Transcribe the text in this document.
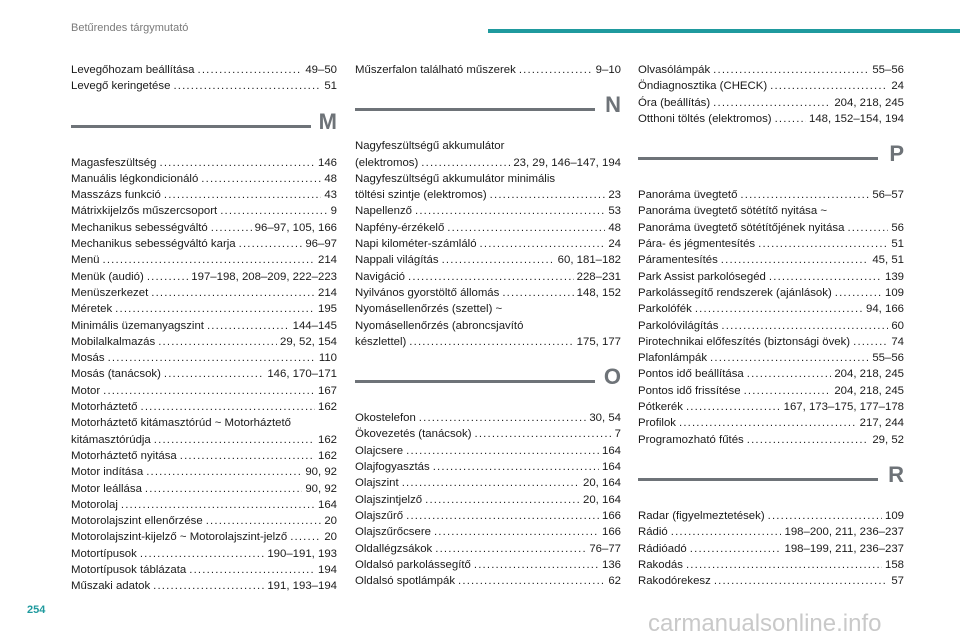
Betűrendes tárgymutató
Levegőhozam beállítása . . .	49–50
Levegő keringetése . . .	51
M
Magasfeszültség . . .	146
Manuális légkondicionáló . . .	48
Masszázs funkció . . .	43
Mátrixkijelzős műszercsoport . . .	9
Mechanikus sebességváltó . . .	96–97, 105, 166
Mechanikus sebességváltó karja . . .	96–97
Menü . . .	214
Menük (audió) . . .	197–198, 208–209, 222–223
Menüszerkezet . . .	214
Méretek . . .	195
Minimális üzemanyagszint . . .	144–145
Mobilalkalmazás . . .	29, 52, 154
Mosás . . .	110
Mosás (tanácsok) . . .	146, 170–171
Motor . . .	167
Motorháztető . . .	162
Motorháztető kitámasztórúd ~ Motorháztető
kitámasztórúdja . . .	162
Motorháztető nyitása . . .	162
Motor indítása . . .	90, 92
Motor leállása . . .	90, 92
Motorolaj . . .	164
Motorolajszint ellenőrzése . . .	20
Motorolajszint-kijelző ~ Motorolajszint-jelző . . .	20
Motortípusok . . .	190–191, 193
Motortípusok táblázata . . .	194
Műszaki adatok . . .	191, 193–194
Műszerfalon található műszerek . . .	9–10
N
Nagyfeszültségű akkumulátor
(elektromos) . . .	23, 29, 146–147, 194
Nagyfeszültségű akkumulátor minimális
töltési szintje (elektromos) . . .	23
Napellenző . . .	53
Napfény-érzékelő . . .	48
Napi kilométer-számláló . . .	24
Nappali világítás . . .	60, 181–182
Navigáció . . .	228–231
Nyilvános gyorstöltő állomás . . .	148, 152
Nyomásellenőrzés (szettel) ~
Nyomásellenőrzés (abroncsjavító
készlettel) . . .	175, 177
O
Okostelefon . . .	30, 54
Ökovezetés (tanácsok) . . .	7
Olajcsere . . .	164
Olajfogyasztás . . .	164
Olajszint . . .	20, 164
Olajszintjelző . . .	20, 164
Olajszűrő . . .	166
Olajszűrőcsere . . .	166
Oldallégzsákok . . .	76–77
Oldalsó parkolássegítő . . .	136
Oldalsó spotlámpák . . .	62
Olvasólámpák . . .	55–56
Öndiagnosztika (CHECK) . . .	24
Óra (beállítás) . . .	204, 218, 245
Otthoni töltés (elektromos) . . .	148, 152–154, 194
P
Panoráma üvegtető . . .	56–57
Panoráma üvegtető sötétítő nyitása ~
Panoráma üvegtető sötétítőjének nyitása . . .	56
Pára- és jégmentesítés . . .	51
Páramentesítés . . .	45, 51
Park Assist parkolósegéd . . .	139
Parkolássegítő rendszerek (ajánlások) . . .	109
Parkolófék . . .	94, 166
Parkolóvilágítás . . .	60
Pirotechnikai előfeszítés (biztonsági övek) . . .	74
Plafonlámpák . . .	55–56
Pontos idő beállítása . . .	204, 218, 245
Pontos idő frissítése . . .	204, 218, 245
Pótkerék . . .	167, 173–175, 177–178
Profilok . . .	217, 244
Programozható fűtés . . .	29, 52
R
Radar (figyelmeztetések) . . .	109
Rádió . . .	198–200, 211, 236–237
Rádióadó . . .	198–199, 211, 236–237
Rakodás . . .	158
Rakodórekesz . . .	57
254	carmanualsonline.info
